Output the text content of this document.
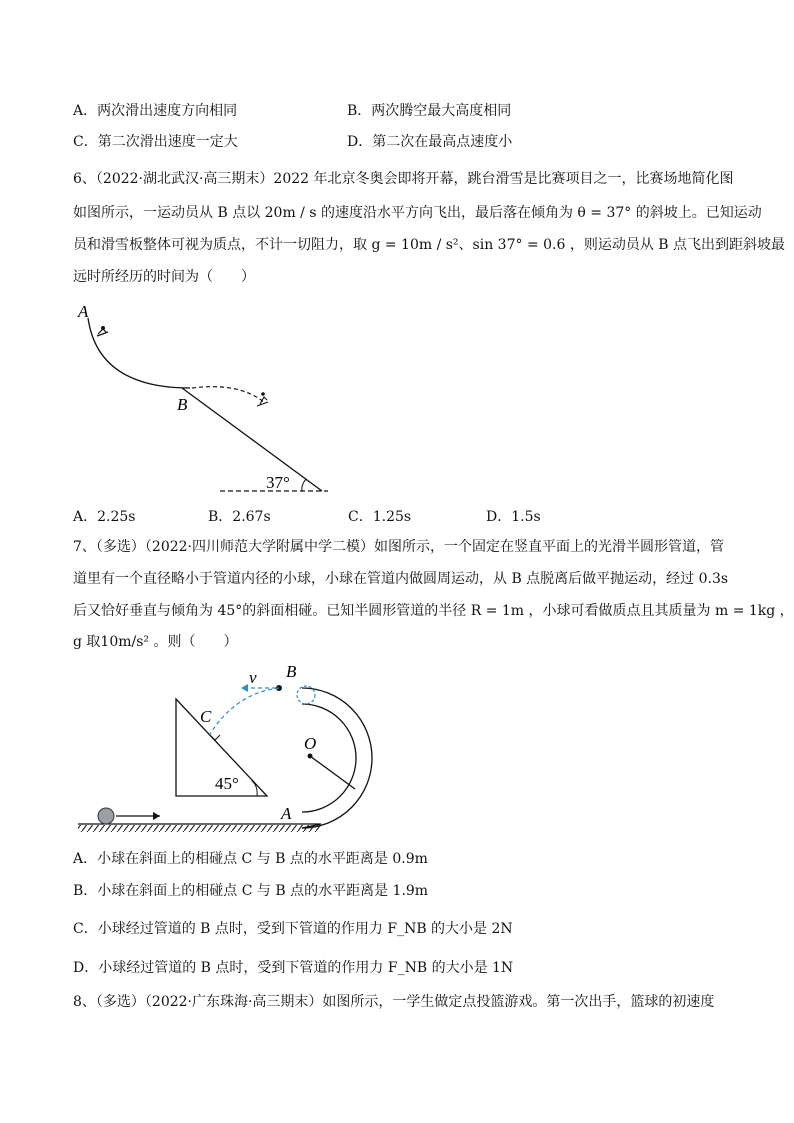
A．两次滑出速度方向相同	B．两次腾空最大高度相同
C．第二次滑出速度一定大	D．第二次在最高点速度小
6、（2022·湖北武汉·高三期末）2022 年北京冬奥会即将开幕，跳台滑雪是比赛项目之一，比赛场地简化图
如图所示，一运动员从 B 点以 20m / s 的速度沿水平方向飞出，最后落在倾角为 θ = 37° 的斜坡上。已知运动
员和滑雪板整体可视为质点，不计一切阻力，取 g = 10m / s²、sin 37° = 0.6 ，则运动员从 B 点飞出到距斜坡最
远时所经历的时间为（　　）
A
B
37°
A．2.25s	B．2.67s	C．1.25s	D．1.5s
7、（多选）（2022·四川师范大学附属中学二模）如图所示，一个固定在竖直平面上的光滑半圆形管道，管
道里有一个直径略小于管道内径的小球，小球在管道内做圆周运动，从 B 点脱离后做平抛运动，经过 0.3s
后又恰好垂直与倾角为 45°的斜面相碰。已知半圆形管道的半径 R = 1m ，小球可看做质点且其质量为 m = 1kg ，
g 取10m/s² 。则（　　）
v B
C
O
A
45°
A．小球在斜面上的相碰点 C 与 B 点的水平距离是 0.9m
B．小球在斜面上的相碰点 C 与 B 点的水平距离是 1.9m
C．小球经过管道的 B 点时，受到下管道的作用力 F_NB 的大小是 2N
D．小球经过管道的 B 点时，受到下管道的作用力 F_NB 的大小是 1N
8、（多选）（2022·广东珠海·高三期末）如图所示，一学生做定点投篮游戏。第一次出手，篮球的初速度
